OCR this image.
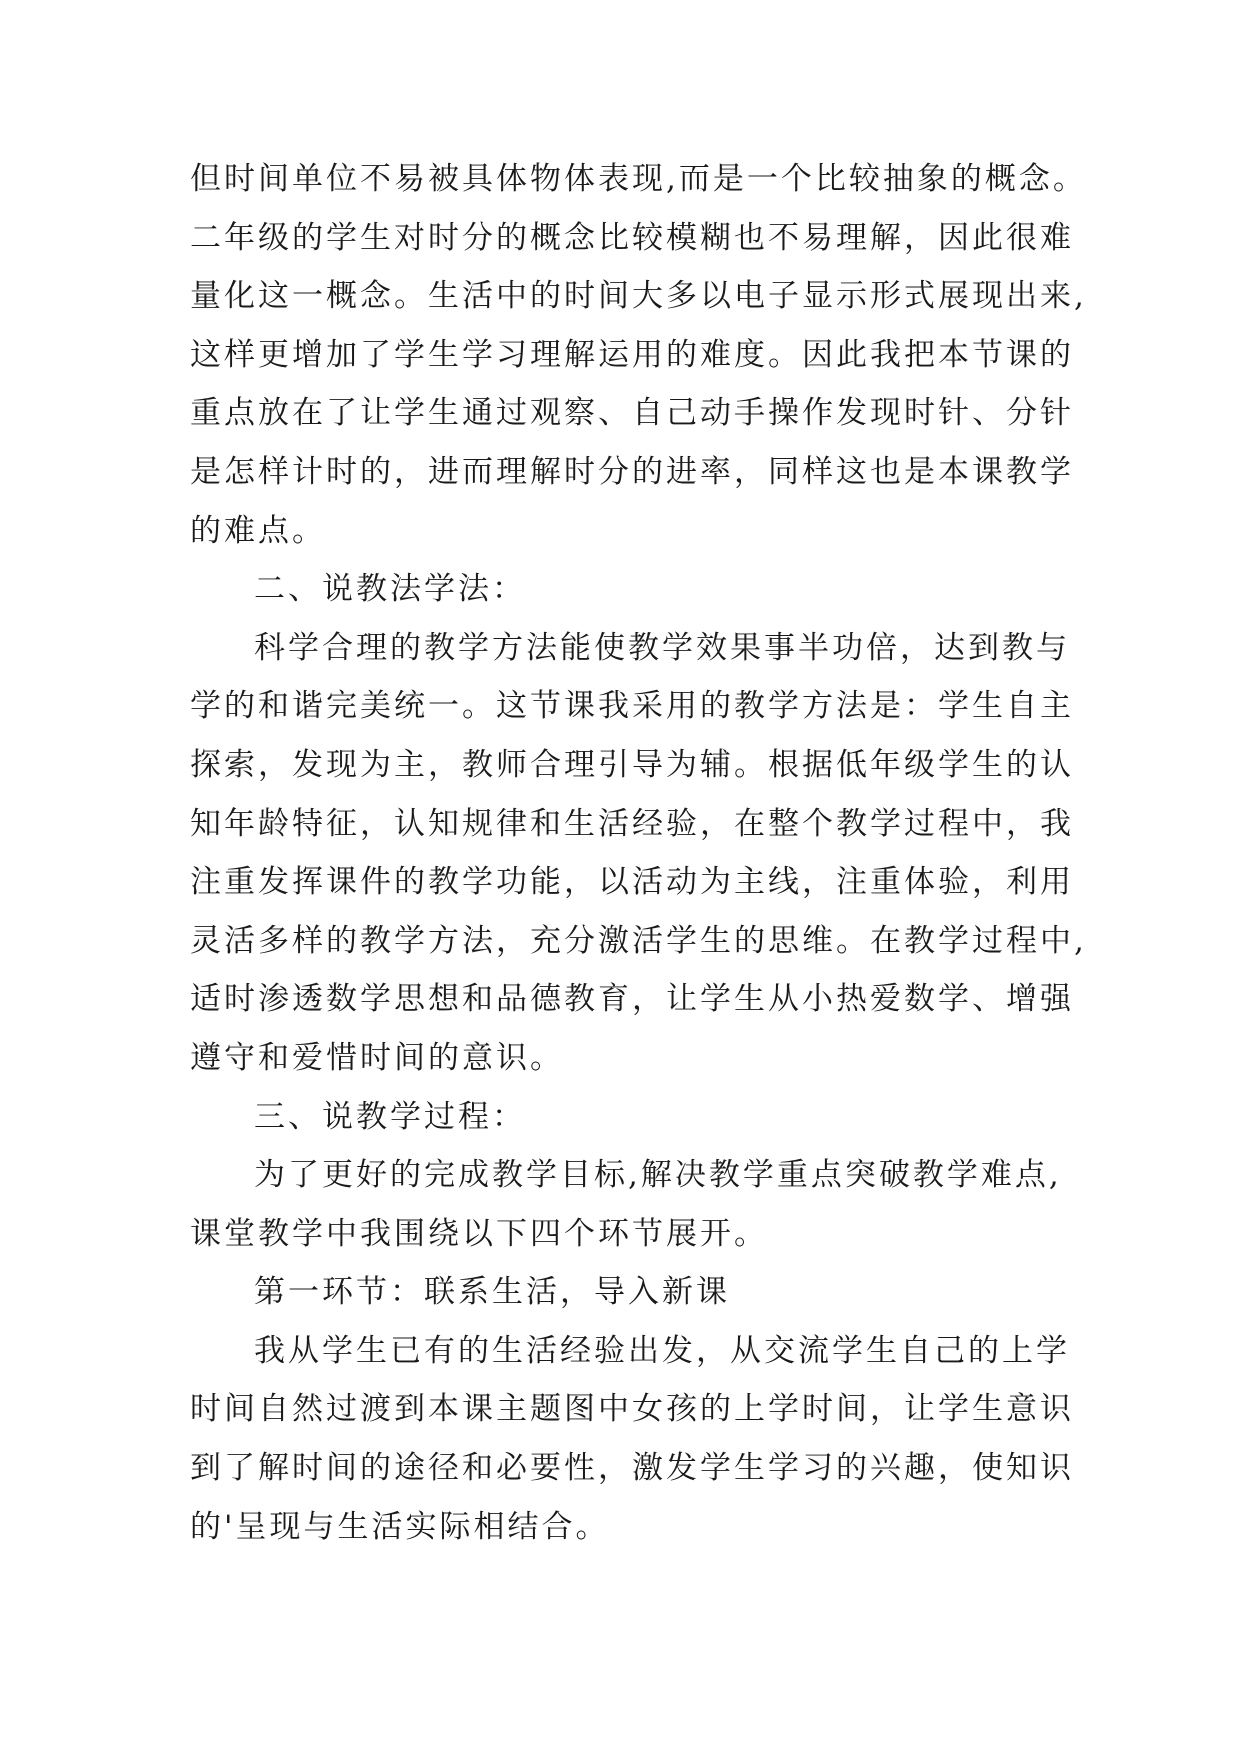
但时间单位不易被具体物体表现,而是一个比较抽象的概念。
二年级的学生对时分的概念比较模糊也不易理解，因此很难
量化这一概念。生活中的时间大多以电子显示形式展现出来,
这样更增加了学生学习理解运用的难度。因此我把本节课的
重点放在了让学生通过观察、自己动手操作发现时针、分针
是怎样计时的，进而理解时分的进率，同样这也是本课教学
的难点。
二、说教法学法：
科学合理的教学方法能使教学效果事半功倍，达到教与
学的和谐完美统一。这节课我采用的教学方法是：学生自主
探索，发现为主，教师合理引导为辅。根据低年级学生的认
知年龄特征，认知规律和生活经验，在整个教学过程中，我
注重发挥课件的教学功能，以活动为主线，注重体验，利用
灵活多样的教学方法，充分激活学生的思维。在教学过程中,
适时渗透数学思想和品德教育，让学生从小热爱数学、增强
遵守和爱惜时间的意识。
三、说教学过程：
为了更好的完成教学目标,解决教学重点突破教学难点,
课堂教学中我围绕以下四个环节展开。
第一环节：联系生活，导入新课
我从学生已有的生活经验出发，从交流学生自己的上学
时间自然过渡到本课主题图中女孩的上学时间，让学生意识
到了解时间的途径和必要性，激发学生学习的兴趣，使知识
的'呈现与生活实际相结合。
